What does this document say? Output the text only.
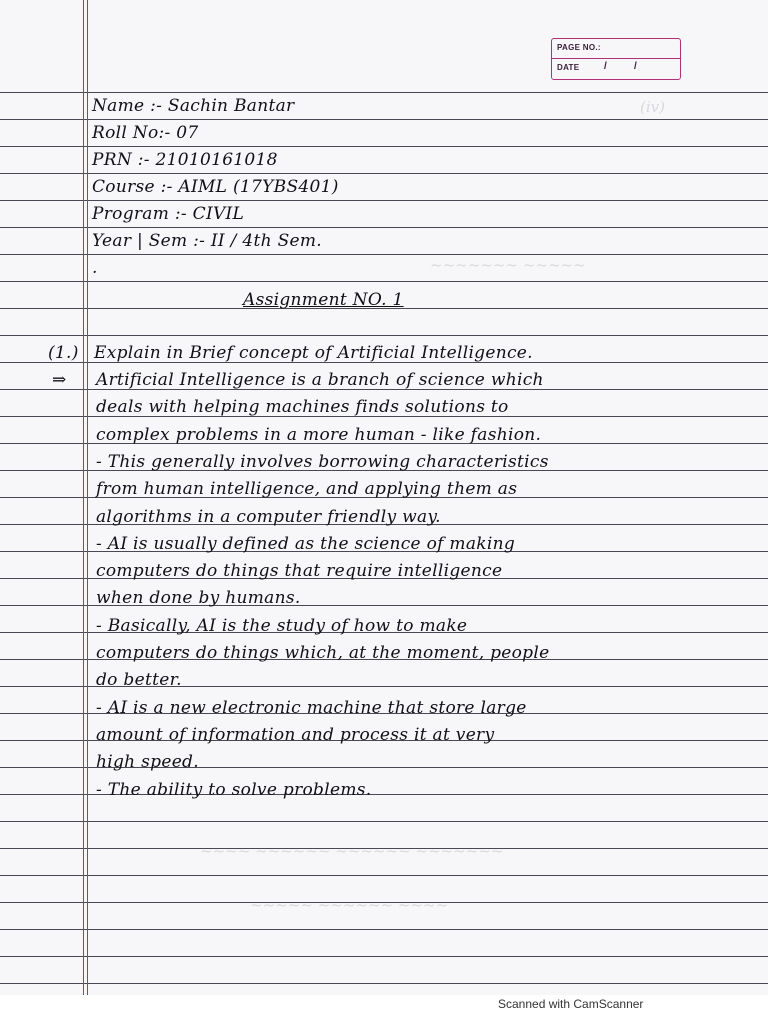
(iv)
~~~~~~~ ~~~~~
~~~~ ~~~~~~ ~~~~~~ ~~~~~~~
~~~~~ ~~~~~~ ~~~~
PAGE NO.:
DATE /	/
Name :- Sachin Bantar
Roll No:- 07
PRN :- 21010161018
Course :- AIML (17YBS401)
Program :- CIVIL
Year | Sem :- II / 4th Sem.
.
Assignment NO. 1
(1.) Explain in Brief concept of Artificial Intelligence.
⇒ Artificial Intelligence is a branch of science which
deals with helping machines finds solutions to
complex problems in a more human - like fashion.
- This generally involves borrowing characteristics
from human intelligence, and applying them as
algorithms in a computer friendly way.
- AI is usually defined as the science of making
computers do things that require intelligence
when done by humans.
- Basically, AI is the study of how to make
computers do things which, at the moment, people
do better.
- AI is a new electronic machine that store large
amount of information and process it at very
high speed.
- The ability to solve problems.
Scanned with CamScanner
